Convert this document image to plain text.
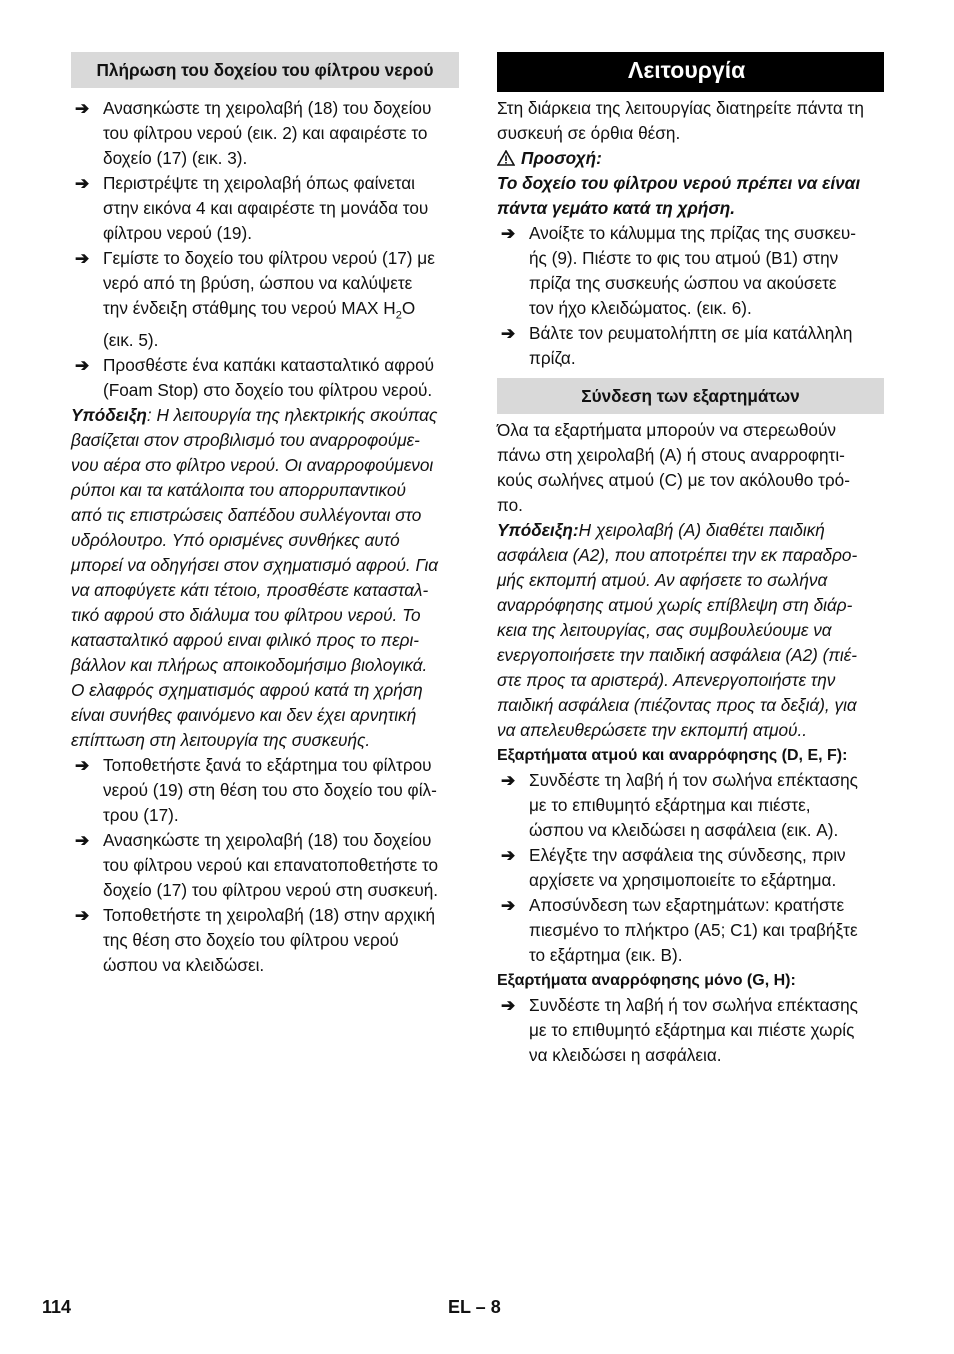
Πλήρωση του δοχείου του φίλτρου νερού
➔ Ανασηκώστε τη χειρολαβή (18) του δοχείου
του φίλτρου νερού (εικ. 2) και αφαιρέστε το
δοχείο (17) (εικ. 3).
➔ Περιστρέψτε τη χειρολαβή όπως φαίνεται
στην εικόνα 4 και αφαιρέστε τη μονάδα του
φίλτρου νερού (19).
➔ Γεμίστε το δοχείο του φίλτρου νερού (17) με
νερό από τη βρύση, ώσπου να καλύψετε
την ένδειξη στάθμης του νερού MAX $H_2O$
(εικ. 5).
➔ Προσθέστε ένα καπάκι κατασταλτικό αφρού
(Foam Stop) στο δοχείο του φίλτρου νερού.
Υπόδειξη: Η λειτουργία της ηλεκτρικής σκούπας
βασίζεται στον στροβιλισμό του αναρροφούμε-
νου αέρα στο φίλτρο νερού. Οι αναρροφούμενοι
ρύποι και τα κατάλοιπα του απορρυπαντικού
από τις επιστρώσεις δαπέδου συλλέγονται στο
υδρόλουτρο. Υπό ορισμένες συνθήκες αυτό
μπορεί να οδηγήσει στον σχηματισμό αφρού. Για
να αποφύγετε κάτι τέτοιο, προσθέστε κατασταλ-
τικό αφρού στο διάλυμα του φίλτρου νερού. Το
κατασταλτικό αφρού ειναι φιλικό προς το περι-
βάλλον και πλήρως αποικοδομήσιμο βιολογικά.
Ο ελαφρός σχηματισμός αφρού κατά τη χρήση
είναι συνήθες φαινόμενο και δεν έχει αρνητική
επίπτωση στη λειτουργία της συσκευής.
➔ Τοποθετήστε ξανά το εξάρτημα του φίλτρου
νερού (19) στη θέση του στο δοχείο του φίλ-
τρου (17).
➔ Ανασηκώστε τη χειρολαβή (18) του δοχείου
του φίλτρου νερού και επανατοποθετήστε το
δοχείο (17) του φίλτρου νερού στη συσκευή.
➔ Τοποθετήστε τη χειρολαβή (18) στην αρχική
της θέση στο δοχείο του φίλτρου νερού
ώσπου να κλειδώσει.
Λειτουργία
Στη διάρκεια της λειτουργίας διατηρείτε πάντα τη
συσκευή σε όρθια θέση.
Προσοχή:
Το δοχείο του φίλτρου νερού πρέπει να είναι
πάντα γεμάτο κατά τη χρήση.
➔ Ανοίξτε το κάλυμμα της πρίζας της συσκευ-
ής (9). Πιέστε το φις του ατμού (B1) στην
πρίζα της συσκευής ώσπου να ακούσετε
τον ήχο κλειδώματος. (εικ. 6).
➔ Βάλτε τον ρευματολήπτη σε μία κατάλληλη
πρίζα.
Σύνδεση των εξαρτημάτων
Όλα τα εξαρτήματα μπορούν να στερεωθούν
πάνω στη χειρολαβή (A) ή στους αναρροφητι-
κούς σωλήνες ατμού (C) με τον ακόλουθο τρό-
πο.
Υπόδειξη:Η χειρολαβή (A) διαθέτει παιδική
ασφάλεια (A2), που αποτρέπει την εκ παραδρο-
μής εκπομπή ατμού. Αν αφήσετε το σωλήνα
αναρρόφησης ατμού χωρίς επίβλεψη στη διάρ-
κεια της λειτουργίας, σας συμβουλεύουμε να
ενεργοποιήσετε την παιδική ασφάλεια (A2) (πιέ-
στε προς τα αριστερά). Απενεργοποιήστε την
παιδική ασφάλεια (πιέζοντας προς τα δεξιά), για
να απελευθερώσετε την εκπομπή ατμού..
Εξαρτήματα ατμού και αναρρόφησης (D, E, F):
➔ Συνδέστε τη λαβή ή τον σωλήνα επέκτασης
με το επιθυμητό εξάρτημα και πιέστε,
ώσπου να κλειδώσει η ασφάλεια (εικ. A).
➔ Ελέγξτε την ασφάλεια της σύνδεσης, πριν
αρχίσετε να χρησιμοποιείτε το εξάρτημα.
➔ Αποσύνδεση των εξαρτημάτων: κρατήστε
πιεσμένο το πλήκτρο (A5; C1) και τραβήξτε
το εξάρτημα (εικ. B).
Εξαρτήματα αναρρόφησης μόνο (G, H):
➔ Συνδέστε τη λαβή ή τον σωλήνα επέκτασης
με το επιθυμητό εξάρτημα και πιέστε χωρίς
να κλειδώσει η ασφάλεια.
114	EL – 8
